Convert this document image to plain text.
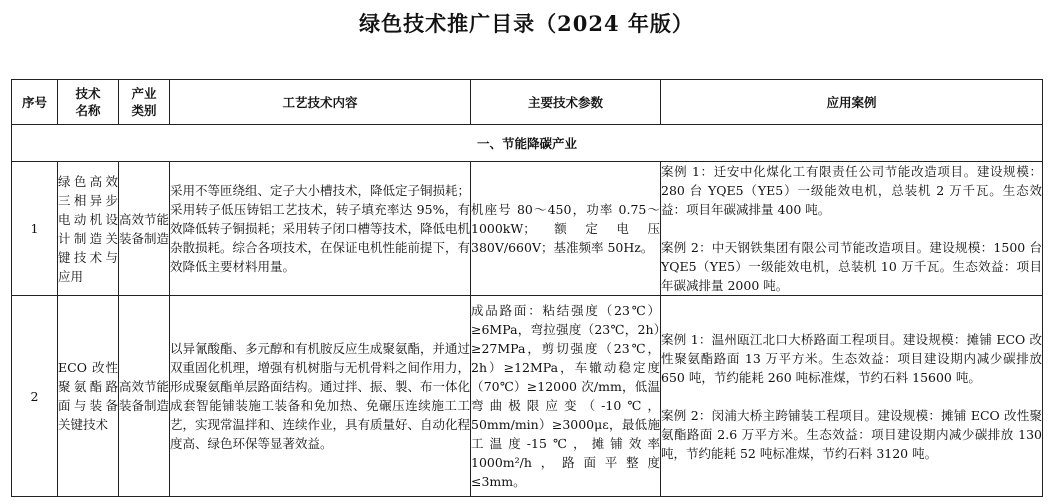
绿色技术推广目录（2024 年版）
序号	技术名称	产业类别	工艺技术内容	主要技术参数	应用案例
一、节能降碳产业					
1	绿色高效三相异步电动机设计制造关键技术与应用	高效节能装备制造	采用不等匝绕组、定子大小槽技术，降低定子铜损耗；采用转子低压铸铝工艺技术，转子填充率达 95%，有效降低转子铜损耗；采用转子闭口槽等技术，降低电机杂散损耗。综合各项技术，在保证电机性能前提下，有效降低主要材料用量。	机座号 80～450，功率 0.75～1000kW；额定电压380V/660V；基准频率 50Hz。	案例 1：迁安中化煤化工有限责任公司节能改造项目。建设规模：280 台 YQE5（YE5）一级能效电机，总装机 2 万千瓦。生态效益：项目年碳减排量 400 吨。
案例 2：中天钢铁集团有限公司节能改造项目。建设规模：1500 台 YQE5（YE5）一级能效电机，总装机 10 万千瓦。生态效益：项目年碳减排量 2000 吨。

2	ECO 改性聚氨酯路面与装备关键技术	高效节能装备制造	以异氰酸酯、多元醇和有机胺反应生成聚氨酯，并通过双重固化机理，增强有机树脂与无机骨料之间作用力，形成聚氨酯单层路面结构。通过拌、振、製、布一体化成套智能铺装施工装备和免加热、免碾压连续施工工艺，实现常温拌和、连续作业，具有质量好、自动化程度高、绿色环保等显著效益。	成品路面：粘结强度（23℃）≥6MPa，弯拉强度（23℃，2h）≥27MPa，剪切强度（23℃，2h）≥12MPa，车辙动稳定度（70℃）≥12000 次/mm，低温弯曲极限应变（-10℃，50mm/min）≥3000με，最低施工温度-15℃，摊铺效率 1000m²/h，路面平整度≤3mm。	案例 1：温州瓯江北口大桥路面工程项目。建设规模：摊铺 ECO 改性聚氨酯路面 13 万平方米。生态效益：项目建设期内减少碳排放 650 吨，节约能耗 260 吨标准煤，节约石料 15600 吨。
案例 2：闵浦大桥主跨铺装工程项目。建设规模：摊铺 ECO 改性聚氨酯路面 2.6 万平方米。生态效益：项目建设期内减少碳排放 130 吨，节约能耗 52 吨标准煤，节约石料 3120 吨。
